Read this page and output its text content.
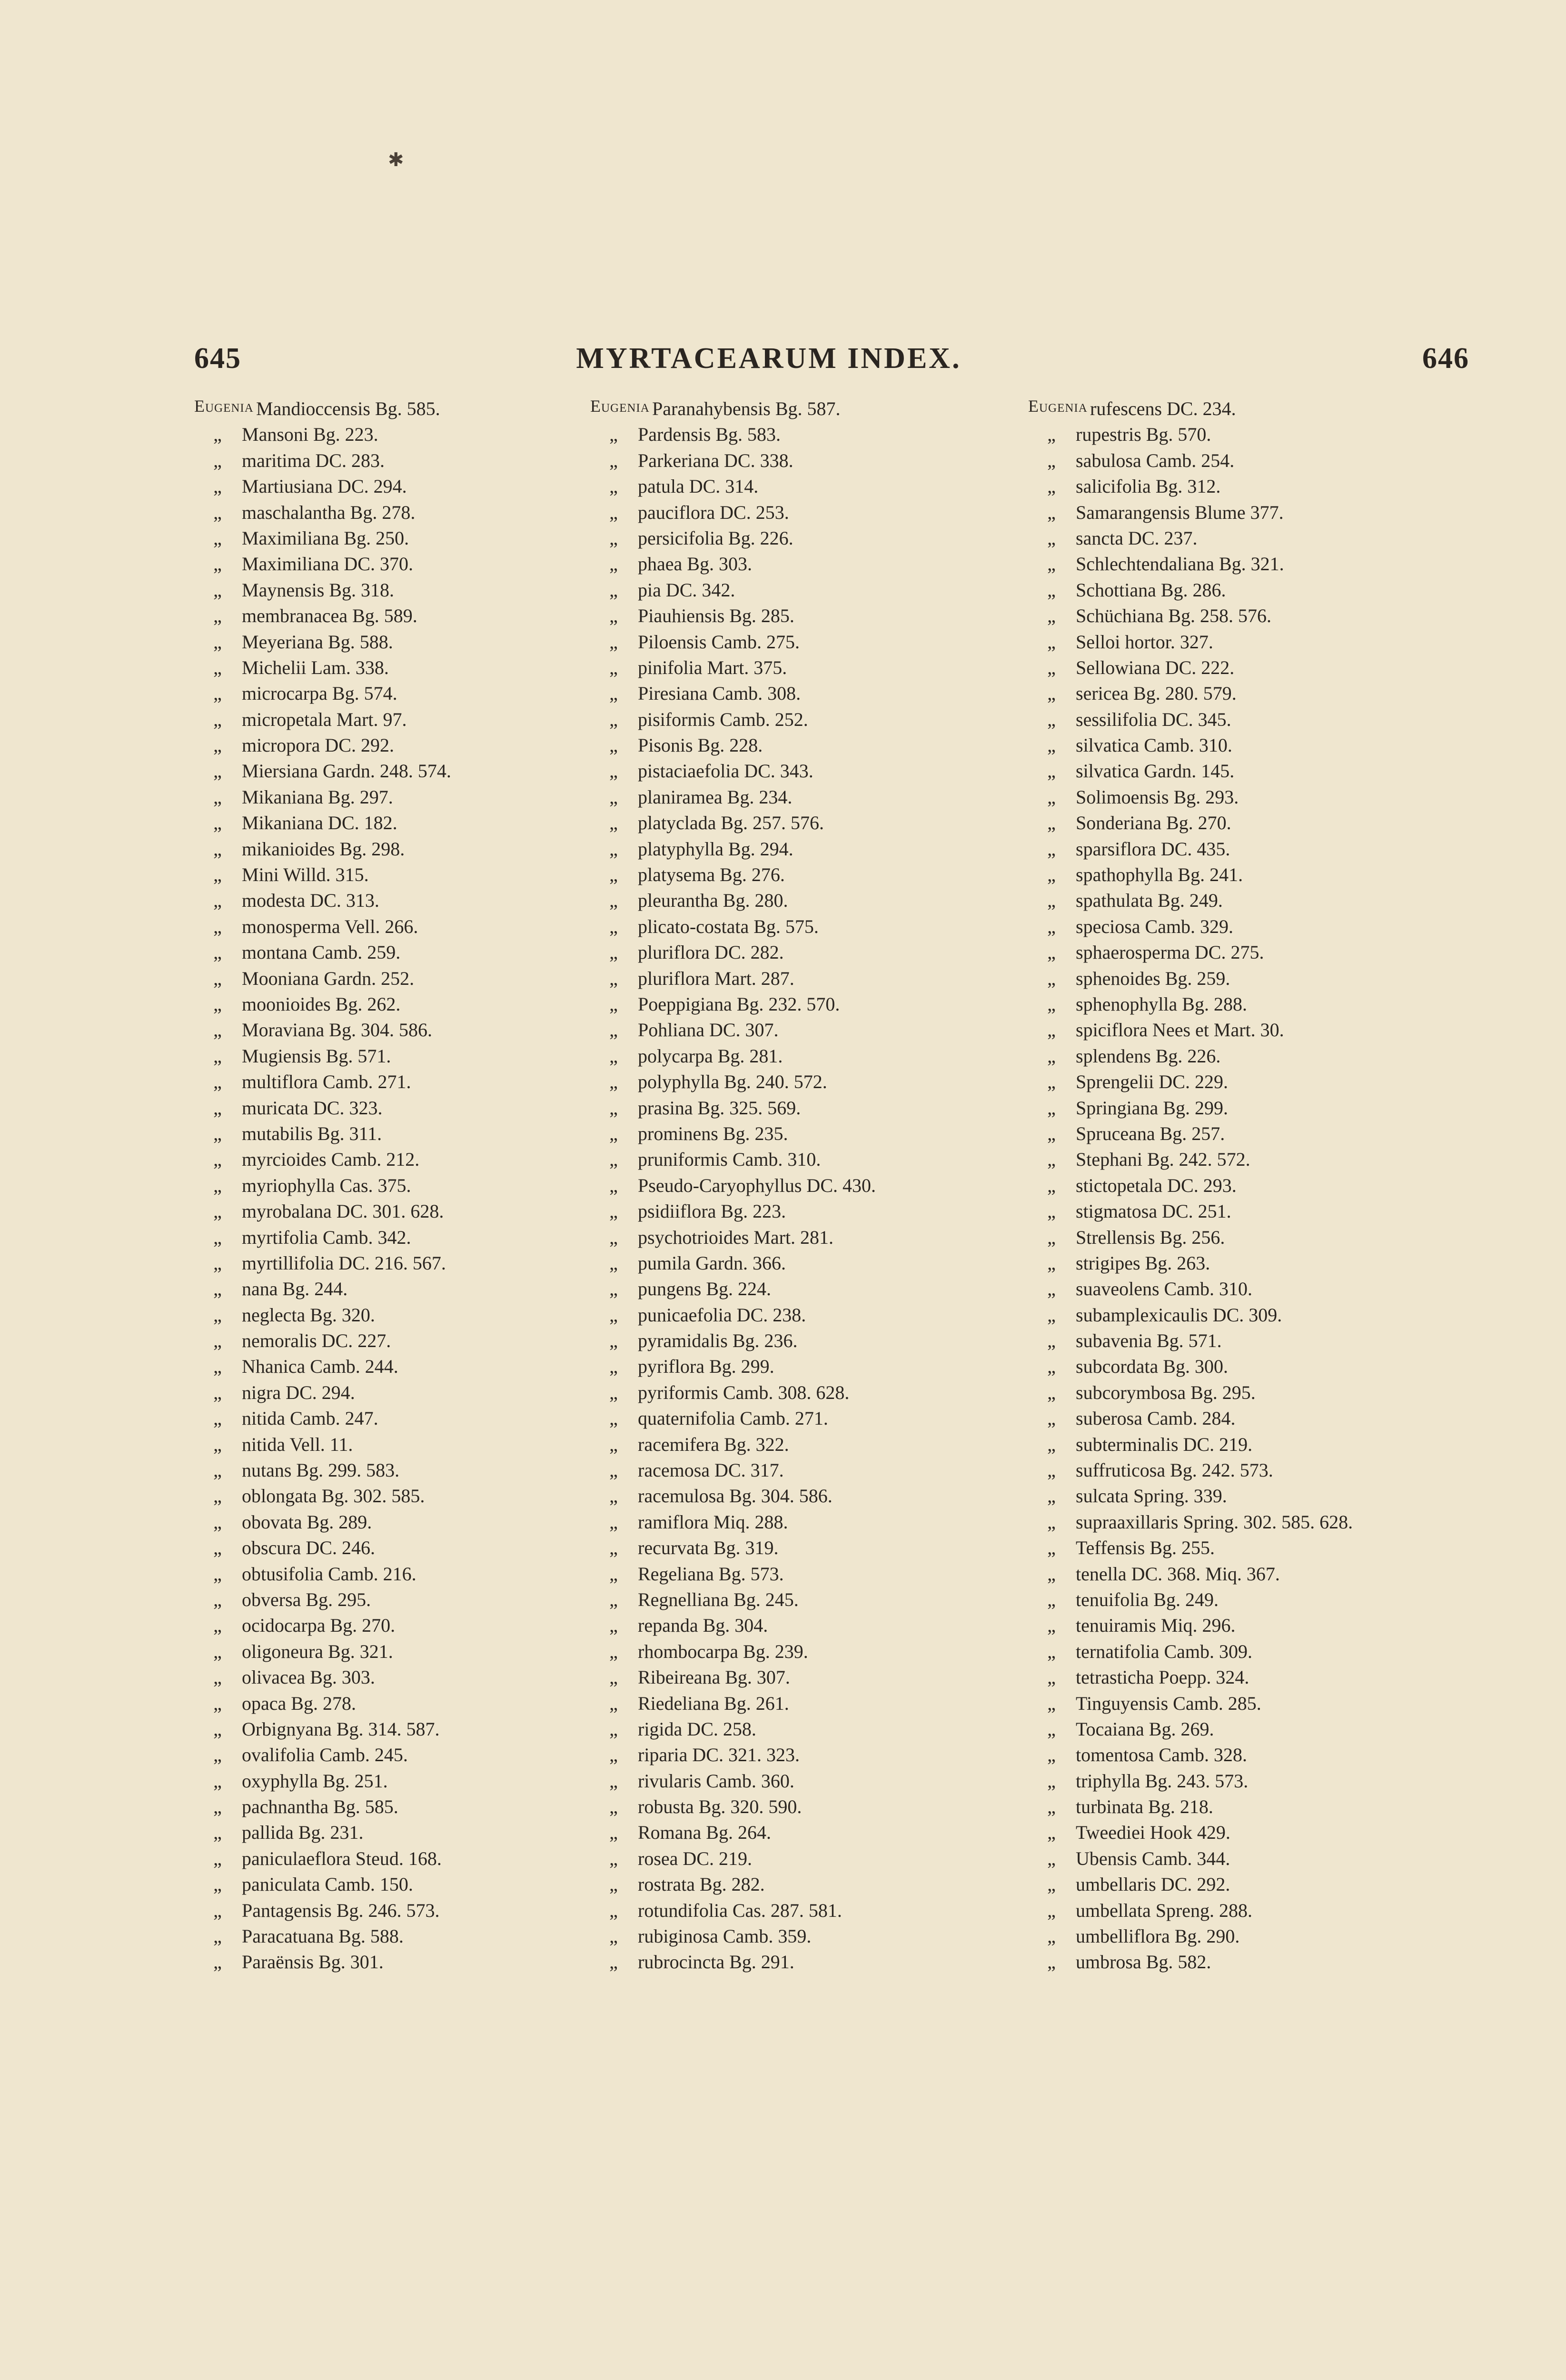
✱
645	MYRTACEARUM INDEX.	646
Eugenia Mandioccensis Bg. 585.
„	Mansoni Bg. 223.
„	maritima DC. 283.
„	Martiusiana DC. 294.
„	maschalantha Bg. 278.
„	Maximiliana Bg. 250.
„	Maximiliana DC. 370.
„	Maynensis Bg. 318.
„	membranacea Bg. 589.
„	Meyeriana Bg. 588.
„	Michelii Lam. 338.
„	microcarpa Bg. 574.
„	micropetala Mart. 97.
„	micropora DC. 292.
„	Miersiana Gardn. 248. 574.
„	Mikaniana Bg. 297.
„	Mikaniana DC. 182.
„	mikanioides Bg. 298.
„	Mini Willd. 315.
„	modesta DC. 313.
„	monosperma Vell. 266.
„	montana Camb. 259.
„	Mooniana Gardn. 252.
„	moonioides Bg. 262.
„	Moraviana Bg. 304. 586.
„	Mugiensis Bg. 571.
„	multiflora Camb. 271.
„	muricata DC. 323.
„	mutabilis Bg. 311.
„	myrcioides Camb. 212.
„	myriophylla Cas. 375.
„	myrobalana DC. 301. 628.
„	myrtifolia Camb. 342.
„	myrtillifolia DC. 216. 567.
„	nana Bg. 244.
„	neglecta Bg. 320.
„	nemoralis DC. 227.
„	Nhanica Camb. 244.
„	nigra DC. 294.
„	nitida Camb. 247.
„	nitida Vell. 11.
„	nutans Bg. 299. 583.
„	oblongata Bg. 302. 585.
„	obovata Bg. 289.
„	obscura DC. 246.
„	obtusifolia Camb. 216.
„	obversa Bg. 295.
„	ocidocarpa Bg. 270.
„	oligoneura Bg. 321.
„	olivacea Bg. 303.
„	opaca Bg. 278.
„	Orbignyana Bg. 314. 587.
„	ovalifolia Camb. 245.
„	oxyphylla Bg. 251.
„	pachnantha Bg. 585.
„	pallida Bg. 231.
„	paniculaeflora Steud. 168.
„	paniculata Camb. 150.
„	Pantagensis Bg. 246. 573.
„	Paracatuana Bg. 588.
„	Paraënsis Bg. 301.
Eugenia Paranahybensis Bg. 587.
„	Pardensis Bg. 583.
„	Parkeriana DC. 338.
„	patula DC. 314.
„	pauciflora DC. 253.
„	persicifolia Bg. 226.
„	phaea Bg. 303.
„	pia DC. 342.
„	Piauhiensis Bg. 285.
„	Piloensis Camb. 275.
„	pinifolia Mart. 375.
„	Piresiana Camb. 308.
„	pisiformis Camb. 252.
„	Pisonis Bg. 228.
„	pistaciaefolia DC. 343.
„	planiramea Bg. 234.
„	platyclada Bg. 257. 576.
„	platyphylla Bg. 294.
„	platysema Bg. 276.
„	pleurantha Bg. 280.
„	plicato-costata Bg. 575.
„	pluriflora DC. 282.
„	pluriflora Mart. 287.
„	Poeppigiana Bg. 232. 570.
„	Pohliana DC. 307.
„	polycarpa Bg. 281.
„	polyphylla Bg. 240. 572.
„	prasina Bg. 325. 569.
„	prominens Bg. 235.
„	pruniformis Camb. 310.
„	Pseudo-Caryophyllus DC. 430.
„	psidiiflora Bg. 223.
„	psychotrioides Mart. 281.
„	pumila Gardn. 366.
„	pungens Bg. 224.
„	punicaefolia DC. 238.
„	pyramidalis Bg. 236.
„	pyriflora Bg. 299.
„	pyriformis Camb. 308. 628.
„	quaternifolia Camb. 271.
„	racemifera Bg. 322.
„	racemosa DC. 317.
„	racemulosa Bg. 304. 586.
„	ramiflora Miq. 288.
„	recurvata Bg. 319.
„	Regeliana Bg. 573.
„	Regnelliana Bg. 245.
„	repanda Bg. 304.
„	rhombocarpa Bg. 239.
„	Ribeireana Bg. 307.
„	Riedeliana Bg. 261.
„	rigida DC. 258.
„	riparia DC. 321. 323.
„	rivularis Camb. 360.
„	robusta Bg. 320. 590.
„	Romana Bg. 264.
„	rosea DC. 219.
„	rostrata Bg. 282.
„	rotundifolia Cas. 287. 581.
„	rubiginosa Camb. 359.
„	rubrocincta Bg. 291.
Eugenia rufescens DC. 234.
„	rupestris Bg. 570.
„	sabulosa Camb. 254.
„	salicifolia Bg. 312.
„	Samarangensis Blume 377.
„	sancta DC. 237.
„	Schlechtendaliana Bg. 321.
„	Schottiana Bg. 286.
„	Schüchiana Bg. 258. 576.
„	Selloi hortor. 327.
„	Sellowiana DC. 222.
„	sericea Bg. 280. 579.
„	sessilifolia DC. 345.
„	silvatica Camb. 310.
„	silvatica Gardn. 145.
„	Solimoensis Bg. 293.
„	Sonderiana Bg. 270.
„	sparsiflora DC. 435.
„	spathophylla Bg. 241.
„	spathulata Bg. 249.
„	speciosa Camb. 329.
„	sphaerosperma DC. 275.
„	sphenoides Bg. 259.
„	sphenophylla Bg. 288.
„	spiciflora Nees et Mart. 30.
„	splendens Bg. 226.
„	Sprengelii DC. 229.
„	Springiana Bg. 299.
„	Spruceana Bg. 257.
„	Stephani Bg. 242. 572.
„	stictopetala DC. 293.
„	stigmatosa DC. 251.
„	Strellensis Bg. 256.
„	strigipes Bg. 263.
„	suaveolens Camb. 310.
„	subamplexicaulis DC. 309.
„	subavenia Bg. 571.
„	subcordata Bg. 300.
„	subcorymbosa Bg. 295.
„	suberosa Camb. 284.
„	subterminalis DC. 219.
„	suffruticosa Bg. 242. 573.
„	sulcata Spring. 339.
„	supraaxillaris Spring. 302. 585. 628.
„	Teffensis Bg. 255.
„	tenella DC. 368. Miq. 367.
„	tenuifolia Bg. 249.
„	tenuiramis Miq. 296.
„	ternatifolia Camb. 309.
„	tetrasticha Poepp. 324.
„	Tinguyensis Camb. 285.
„	Tocaiana Bg. 269.
„	tomentosa Camb. 328.
„	triphylla Bg. 243. 573.
„	turbinata Bg. 218.
„	Tweediei Hook 429.
„	Ubensis Camb. 344.
„	umbellaris DC. 292.
„	umbellata Spreng. 288.
„	umbelliflora Bg. 290.
„	umbrosa Bg. 582.
